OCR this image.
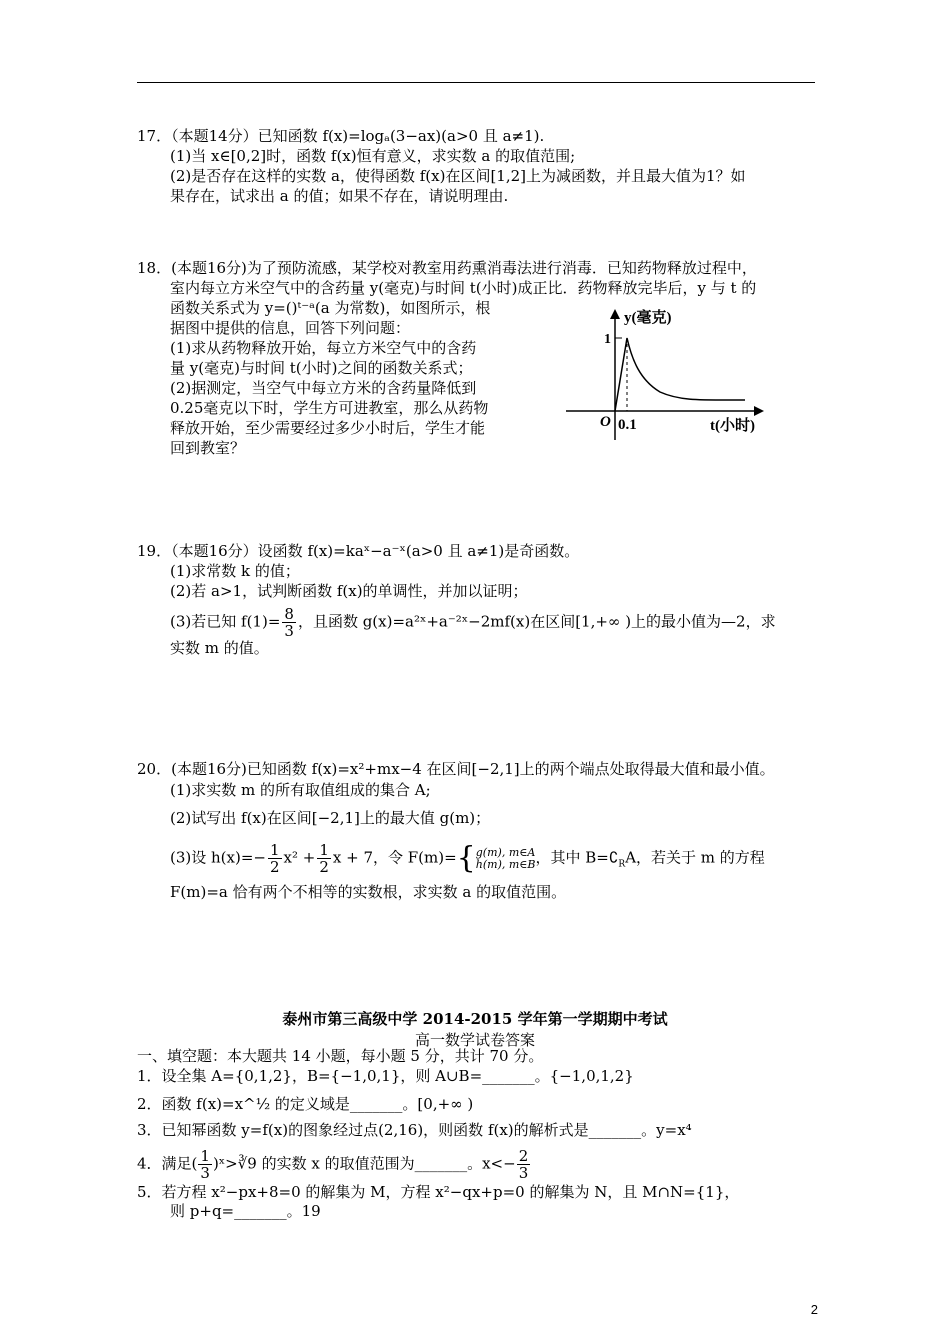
17．（本题14分）已知函数 f(x)=logₐ(3−ax)(a>0 且 a≠1).
(1)当 x∈[0,2]时，函数 f(x)恒有意义，求实数 a 的取值范围;
(2)是否存在这样的实数 a，使得函数 f(x)在区间[1,2]上为减函数，并且最大值为1？如
果存在，试求出 a 的值；如果不存在，请说明理由.
18．(本题16分)为了预防流感，某学校对教室用药熏消毒法进行消毒．已知药物释放过程中，
室内每立方米空气中的含药量 y(毫克)与时间 t(小时)成正比．药物释放完毕后，y 与 t 的
函数关系式为 y=()ᵗ⁻ᵃ(a 为常数)，如图所示，根
据图中提供的信息，回答下列问题：
(1)求从药物释放开始，每立方米空气中的含药
量 y(毫克)与时间 t(小时)之间的函数关系式；
(2)据测定，当空气中每立方米的含药量降低到
0.25毫克以下时，学生方可进教室，那么从药物
释放开始，至少需要经过多少小时后，学生才能
回到教室？
y(毫克)
1
O 0.1	t(小时)
19．（本题16分）设函数 f(x)=kaˣ−a⁻ˣ(a>0 且 a≠1)是奇函数。
(1)求常数 k 的值；
(2)若 a>1，试判断函数 f(x)的单调性，并加以证明；
(3)若已知 $f(1)= \frac{8}{3}$ ，且函数 g(x)=a²ˣ+a⁻²ˣ−2mf(x)在区间[1,+∞ )上的最小值为—2，求
实数 m 的值。
20．(本题16分)已知函数 f(x)=x²+mx−4 在区间[−2,1]上的两个端点处取得最大值和最小值。
(1)求实数 m 的所有取值组成的集合 A;
(2)试写出 f(x)在区间[−2,1]上的最大值 g(m)；
(3)设 $h(x)=- \frac{1}{2} x^2 + \frac{1}{2}$ x + 7，令 F(m)={ g(m), m∈A
h(m), m∈B ，其中 $B=∁_RA$，若关于 m 的方程
F(m)=a 恰有两个不相等的实数根，求实数 a 的取值范围。
泰州市第三高级中学 2014-2015 学年第一学期期中考试
高一数学试卷答案
一、填空题：本大题共 14 小题，每小题 5 分，共计 70 分。
1．设全集 A={0,1,2}，B={−1,0,1}，则 A∪B=_______。{−1,0,1,2}
2．函数 f(x)=x^½ 的定义域是_______。[0,+∞ )
3．已知幂函数 y=f(x)的图象经过点(2,16)，则函数 f(x)的解析式是_______。y=x⁴
4．满足( $\frac{1}{3}$ )ˣ>∛9 的实数 x 的取值范围为_______。$x<- \frac{2}{3}$
5．若方程 x²−px+8=0 的解集为 M，方程 x²−qx+p=0 的解集为 N，且 M∩N={1}，
则 p+q=_______。19
2
